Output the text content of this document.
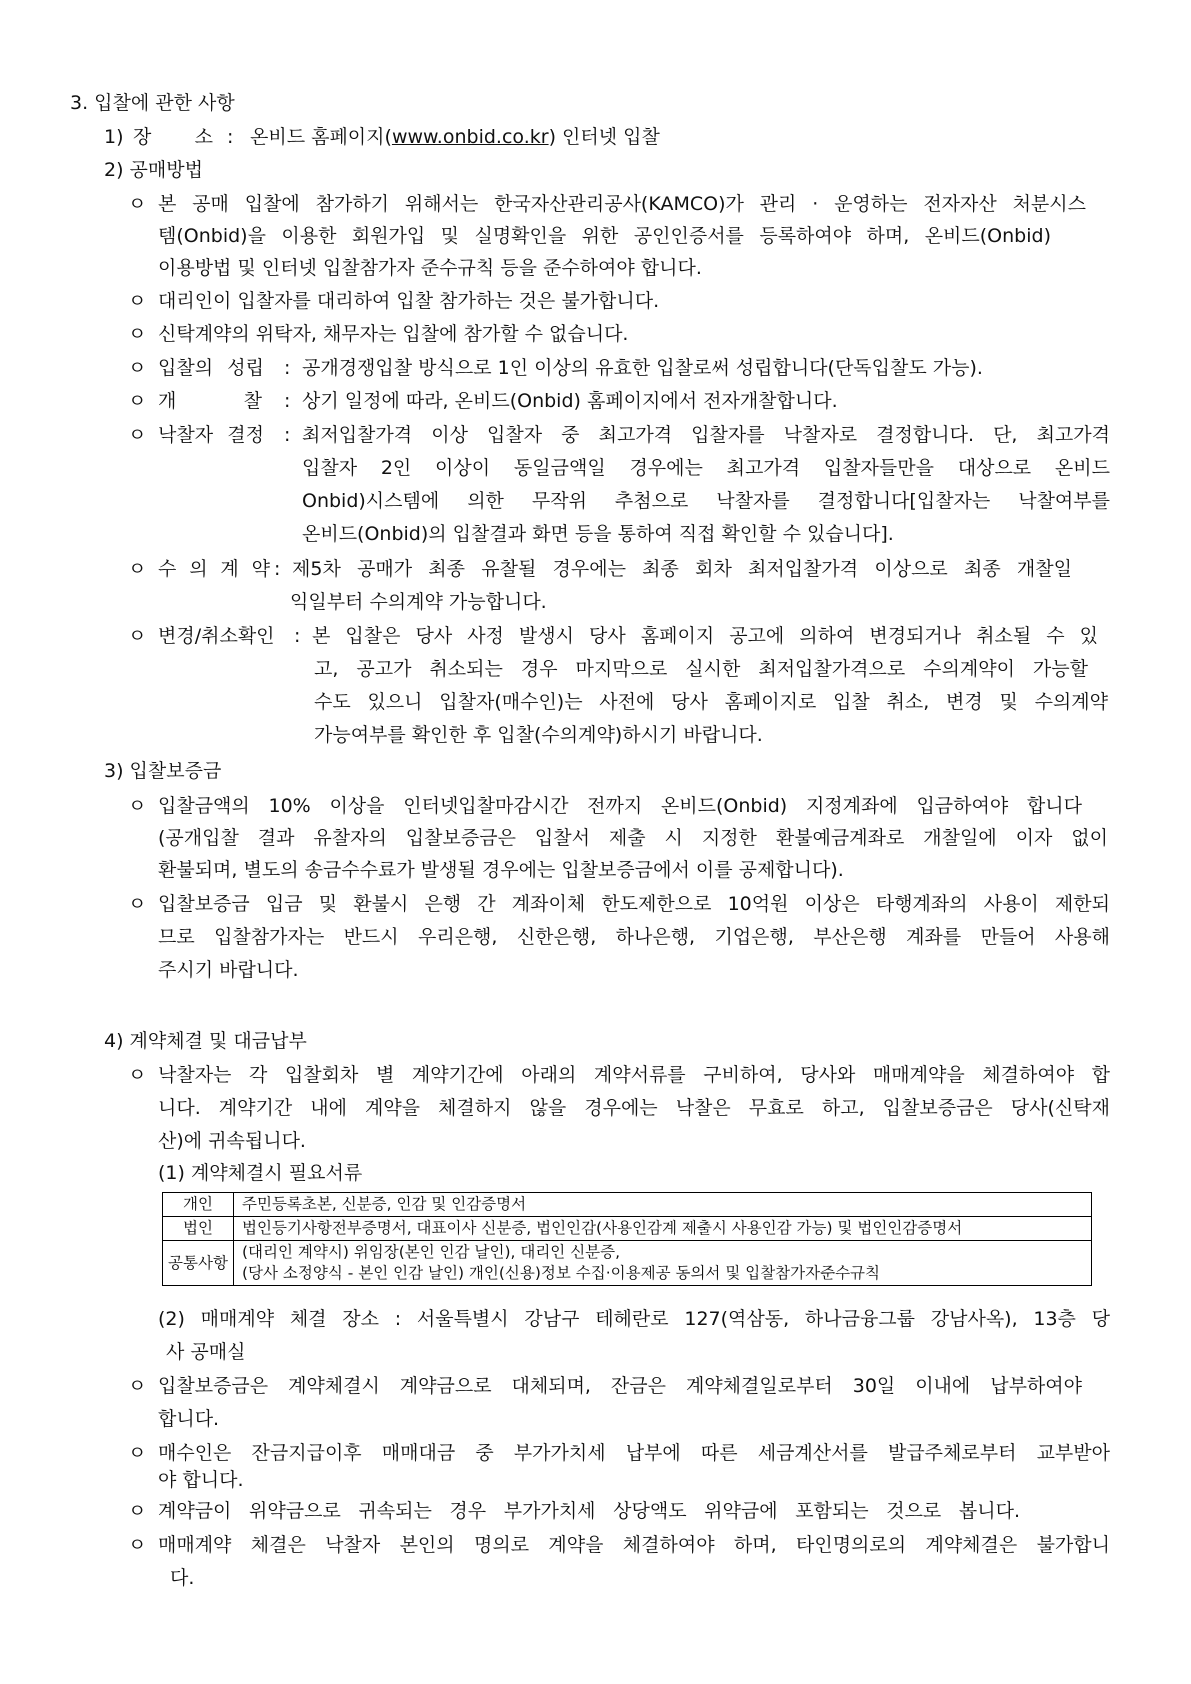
3. 입찰에 관한 사항
1) 장 소 : 온비드 홈페이지(www.onbid.co.kr) 인터넷 입찰
2) 공매방법
ㅇ 본 공매 입찰에 참가하기 위해서는 한국자산관리공사(KAMCO)가 관리 · 운영하는 전자자산 처분시스
템(Onbid)을 이용한 회원가입 및 실명확인을 위한 공인인증서를 등록하여야 하며, 온비드(Onbid)
이용방법 및 인터넷 입찰참가자 준수규칙 등을 준수하여야 합니다.
ㅇ 대리인이 입찰자를 대리하여 입찰 참가하는 것은 불가합니다.
ㅇ 신탁계약의 위탁자, 채무자는 입찰에 참가할 수 없습니다.
ㅇ 입찰의 성립 : 공개경쟁입찰 방식으로 1인 이상의 유효한 입찰로써 성립합니다(단독입찰도 가능).
ㅇ 개 찰 : 상기 일정에 따라, 온비드(Onbid) 홈페이지에서 전자개찰합니다.
ㅇ 낙찰자 결정 : 최저입찰가격 이상 입찰자 중 최고가격 입찰자를 낙찰자로 결정합니다. 단, 최고가격
입찰자 2인 이상이 동일금액일 경우에는 최고가격 입찰자들만을 대상으로 온비드
Onbid)시스템에 의한 무작위 추첨으로 낙찰자를 결정합니다[입찰자는 낙찰여부를
온비드(Onbid)의 입찰결과 화면 등을 통하여 직접 확인할 수 있습니다].
ㅇ 수 의 계 약 : 제5차 공매가 최종 유찰될 경우에는 최종 회차 최저입찰가격 이상으로 최종 개찰일
익일부터 수의계약 가능합니다.
ㅇ 변경/취소확인 : 본 입찰은 당사 사정 발생시 당사 홈페이지 공고에 의하여 변경되거나 취소될 수 있
고, 공고가 취소되는 경우 마지막으로 실시한 최저입찰가격으로 수의계약이 가능할
수도 있으니 입찰자(매수인)는 사전에 당사 홈페이지로 입찰 취소, 변경 및 수의계약
가능여부를 확인한 후 입찰(수의계약)하시기 바랍니다.
3) 입찰보증금
ㅇ 입찰금액의 10% 이상을 인터넷입찰마감시간 전까지 온비드(Onbid) 지정계좌에 입금하여야 합니다
(공개입찰 결과 유찰자의 입찰보증금은 입찰서 제출 시 지정한 환불예금계좌로 개찰일에 이자 없이
환불되며, 별도의 송금수수료가 발생될 경우에는 입찰보증금에서 이를 공제합니다).
ㅇ 입찰보증금 입금 및 환불시 은행 간 계좌이체 한도제한으로 10억원 이상은 타행계좌의 사용이 제한되
므로 입찰참가자는 반드시 우리은행, 신한은행, 하나은행, 기업은행, 부산은행 계좌를 만들어 사용해
주시기 바랍니다.
4) 계약체결 및 대금납부
ㅇ 낙찰자는 각 입찰회차 별 계약기간에 아래의 계약서류를 구비하여, 당사와 매매계약을 체결하여야 합
니다. 계약기간 내에 계약을 체결하지 않을 경우에는 낙찰은 무효로 하고, 입찰보증금은 당사(신탁재
산)에 귀속됩니다.
(1) 계약체결시 필요서류
개인	주민등록초본, 신분증, 인감 및 인감증명서
법인	법인등기사항전부증명서, 대표이사 신분증, 법인인감(사용인감계 제출시 사용인감 가능) 및 법인인감증명서
공통사항	(대리인 계약시) 위임장(본인 인감 날인), 대리인 신분증,
(당사 소정양식 - 본인 인감 날인) 개인(신용)정보 수집·이용제공 동의서 및 입찰참가자준수규칙
(2) 매매계약 체결 장소 : 서울특별시 강남구 테헤란로 127(역삼동, 하나금융그룹 강남사옥), 13층 당
사 공매실
ㅇ 입찰보증금은 계약체결시 계약금으로 대체되며, 잔금은 계약체결일로부터 30일 이내에 납부하여야
합니다.
ㅇ 매수인은 잔금지급이후 매매대금 중 부가가치세 납부에 따른 세금계산서를 발급주체로부터 교부받아
야 합니다.
ㅇ 계약금이 위약금으로 귀속되는 경우 부가가치세 상당액도 위약금에 포함되는 것으로 봅니다.
ㅇ 매매계약 체결은 낙찰자 본인의 명의로 계약을 체결하여야 하며, 타인명의로의 계약체결은 불가합니
다.
